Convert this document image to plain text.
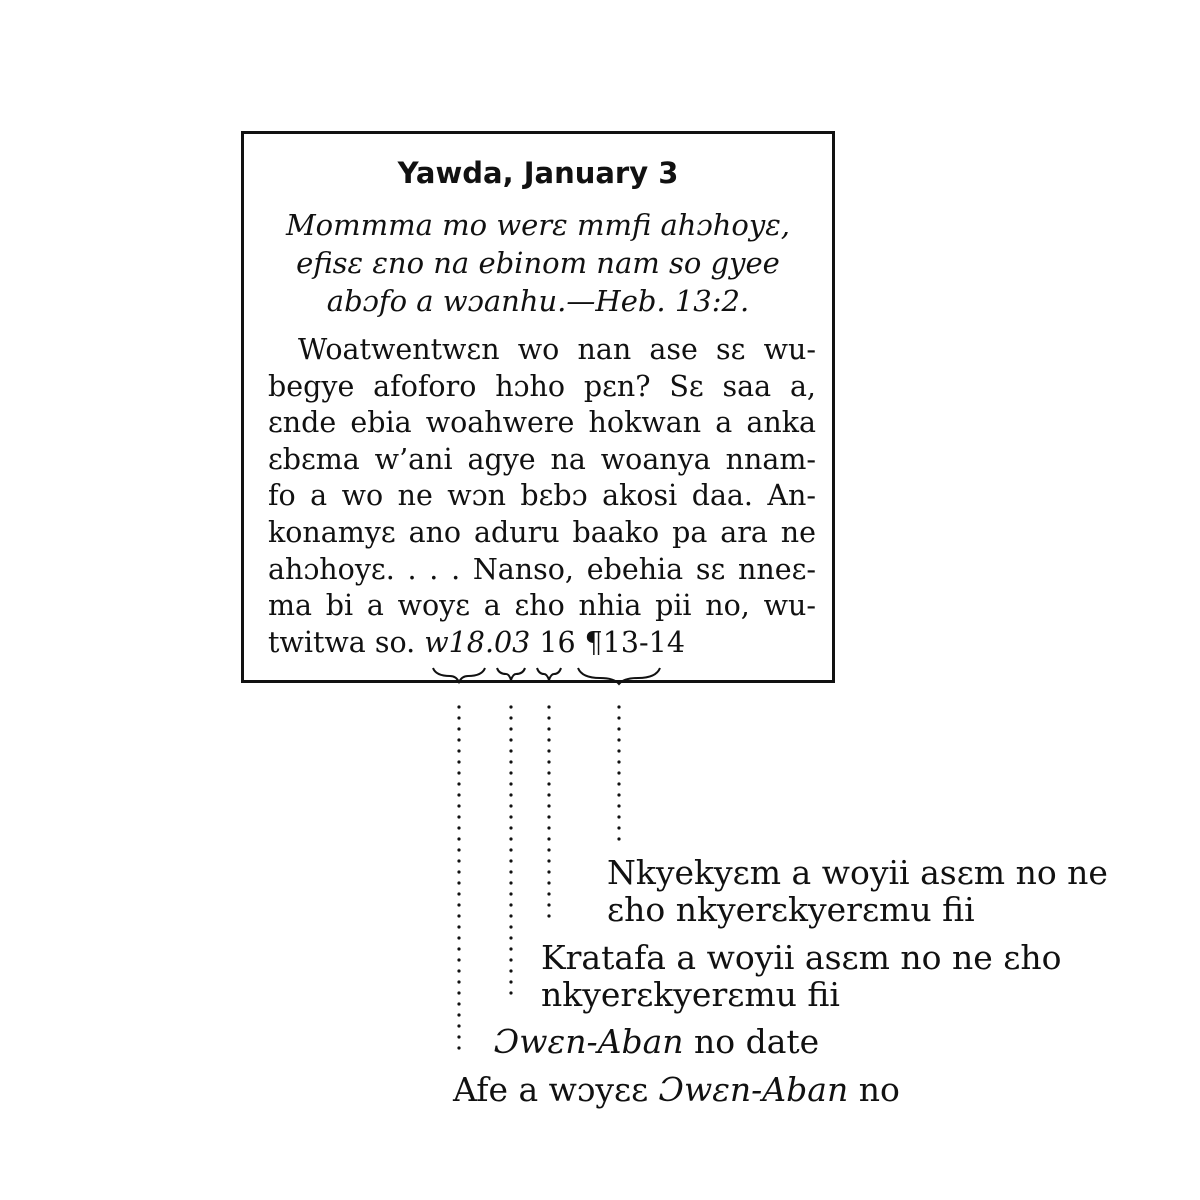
Yawda, January 3
Mommma mo werɛ mmfi ahɔhoyɛ,
efisɛ ɛno na ebinom nam so gyee
abɔfo a wɔanhu.—Heb. 13:2.
Woatwentwɛn wo nan ase sɛ wu-
begye afoforo hɔho pɛn? Sɛ saa a,
ɛnde ebia woahwere hokwan a anka
ɛbɛma w’ani agye na woanya nnam-
fo a wo ne wɔn bɛbɔ akosi daa. An-
konamyɛ ano aduru baako pa ara ne
ahɔhoyɛ. . . . Nanso, ebehia sɛ nneɛ-
ma bi a woyɛ a ɛho nhia pii no, wu-
twitwa so. w18.03 16 ¶13-14
Nkyekyɛm a woyii asɛm no ne
ɛho nkyerɛkyerɛmu fii
Kratafa a woyii asɛm no ne ɛho
nkyerɛkyerɛmu fii
Ɔwɛn-Aban no date
Afe a wɔyɛɛ Ɔwɛn-Aban no
